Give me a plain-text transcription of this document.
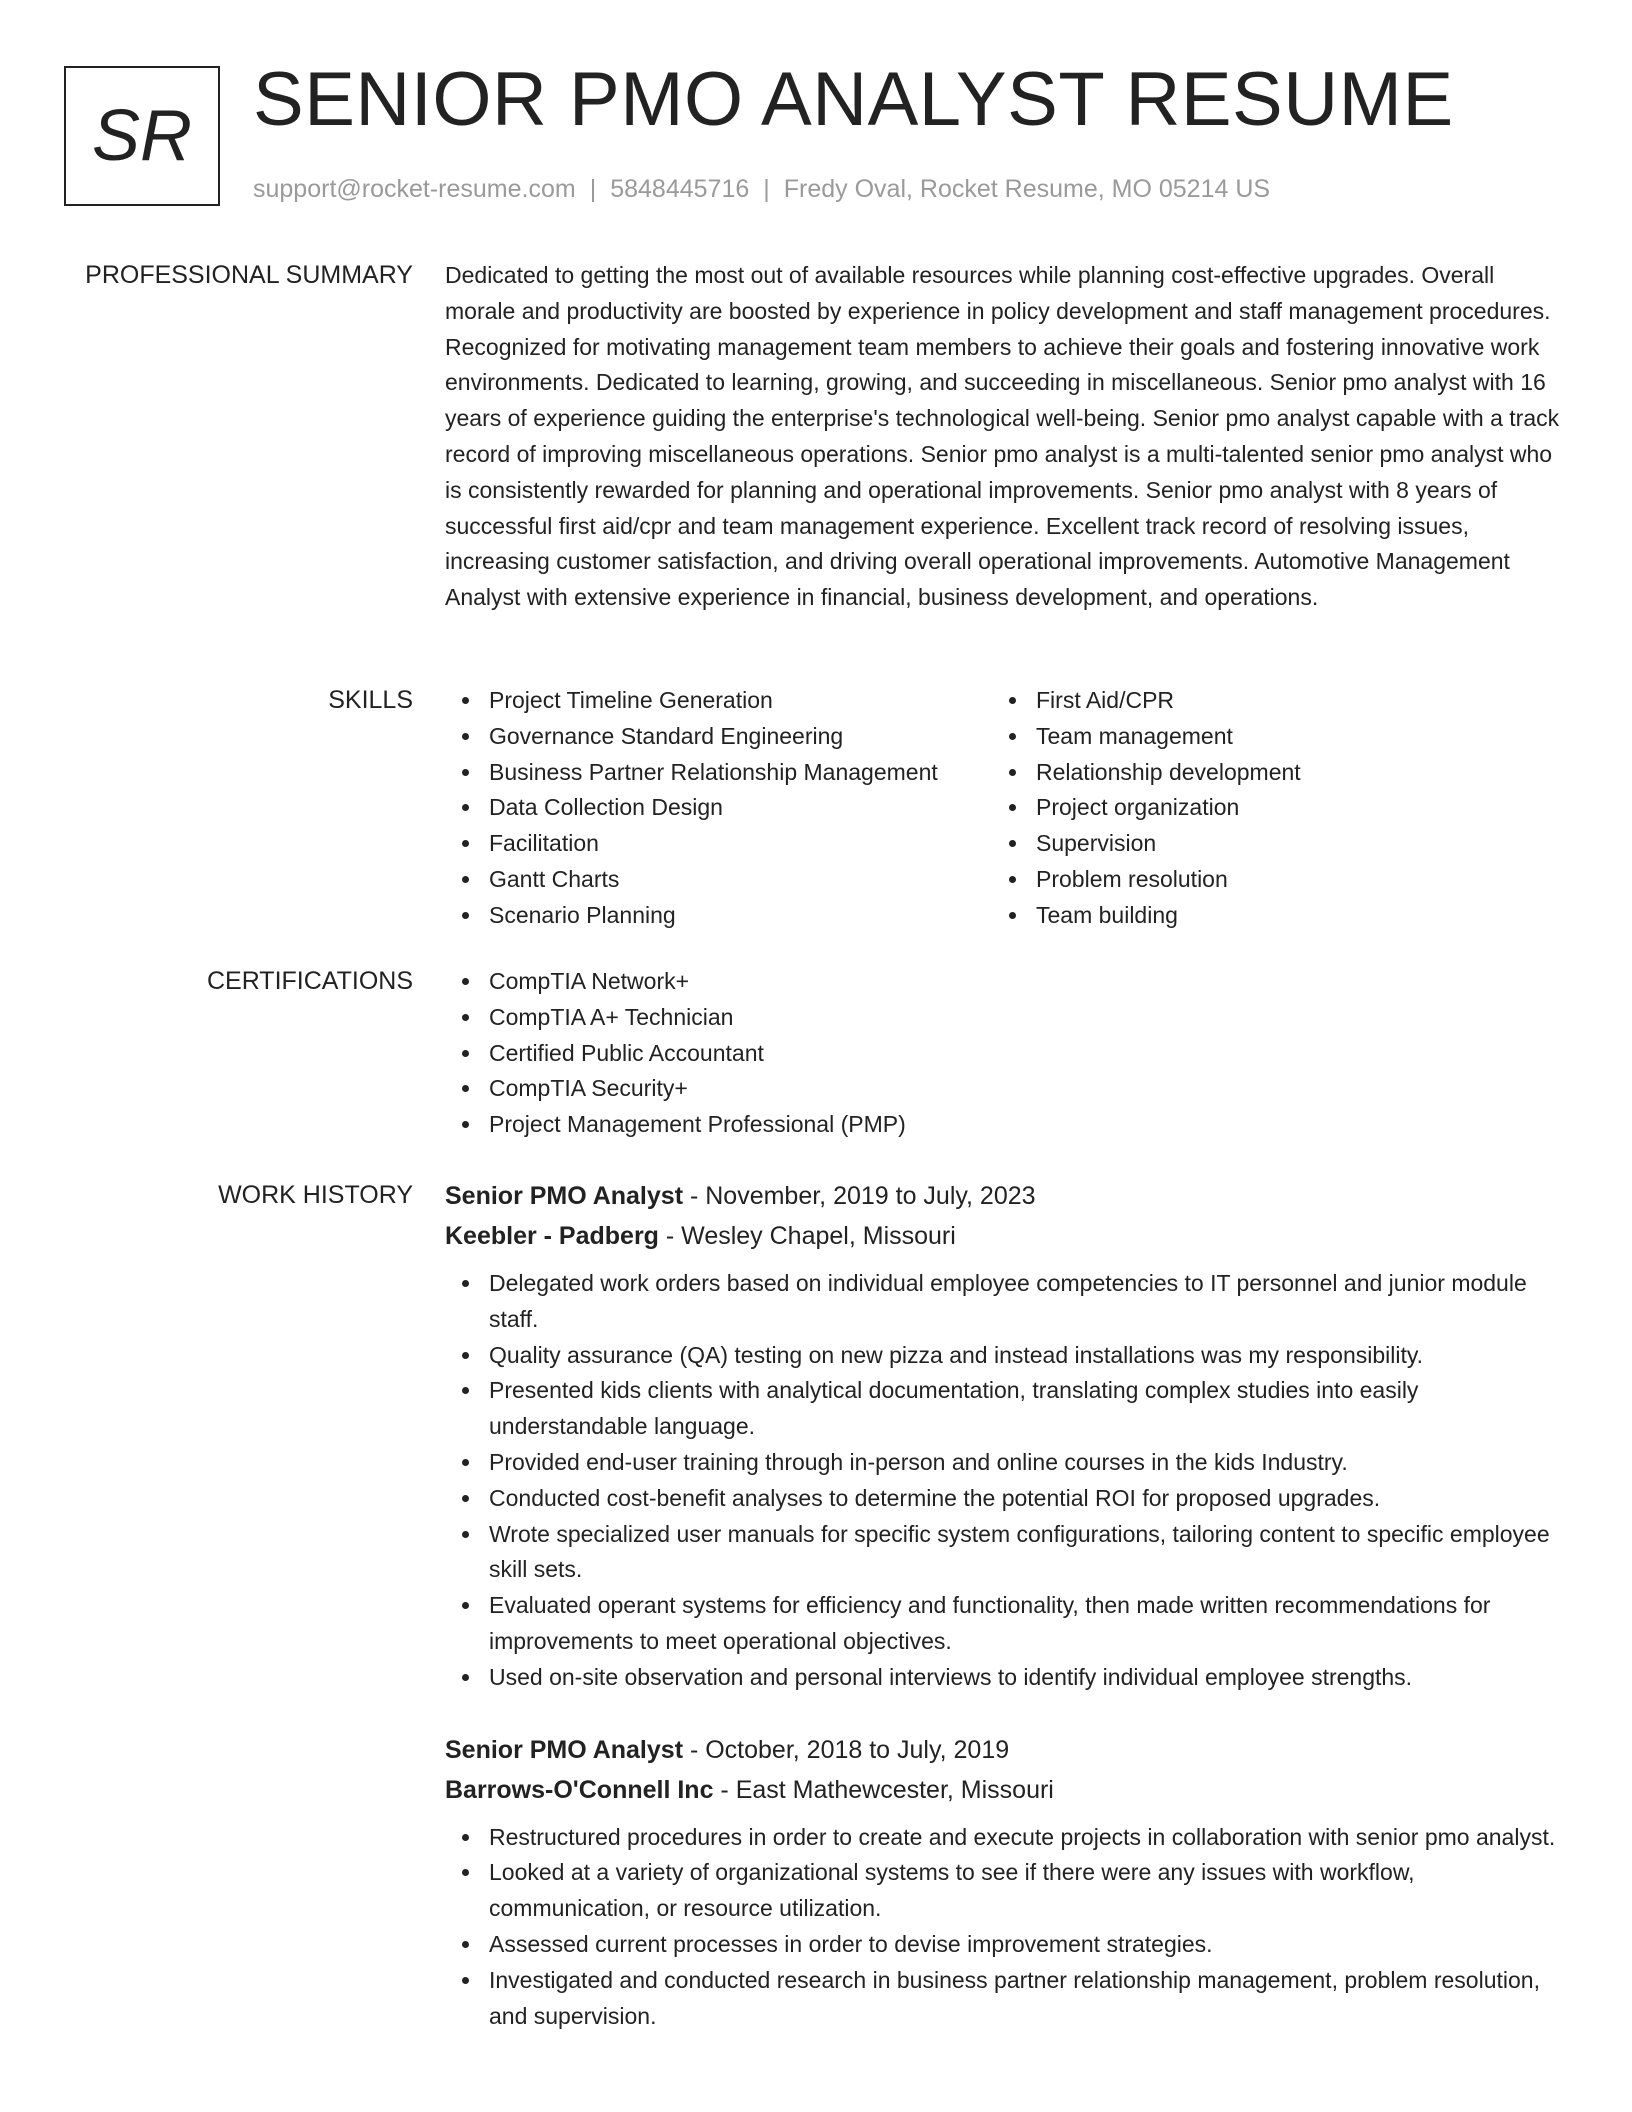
SR SENIOR PMO ANALYST RESUME
support@rocket-resume.com | 5848445716 | Fredy Oval, Rocket Resume, MO 05214 US
PROFESSIONAL SUMMARY Dedicated to getting the most out of available resources while planning cost-effective upgrades. Overall morale and productivity are boosted by experience in policy development and staff management procedures. Recognized for motivating management team members to achieve their goals and fostering innovative work environments. Dedicated to learning, growing, and succeeding in miscellaneous. Senior pmo analyst with 16 years of experience guiding the enterprise's technological well-being. Senior pmo analyst capable with a track record of improving miscellaneous operations. Senior pmo analyst is a multi-talented senior pmo analyst who is consistently rewarded for planning and operational improvements. Senior pmo analyst with 8 years of successful first aid/cpr and team management experience. Excellent track record of resolving issues, increasing customer satisfaction, and driving overall operational improvements. Automotive Management Analyst with extensive experience in financial, business development, and operations.

SKILLS	Project Timeline Generation
Governance Standard Engineering
Business Partner Relationship Management
Data Collection Design
Facilitation
Gantt Charts
Scenario Planning
First Aid/CPR
Team management
Relationship development
Project organization
Supervision
Problem resolution
Team building
CERTIFICATIONS	CompTIA Network+
CompTIA A+ Technician
Certified Public Accountant
CompTIA Security+
Project Management Professional (PMP)
WORK HISTORY Senior PMO Analyst - November, 2019 to July, 2023
Keebler - Padberg - Wesley Chapel, Missouri
Delegated work orders based on individual employee competencies to IT personnel and junior module staff.
Quality assurance (QA) testing on new pizza and instead installations was my responsibility.
Presented kids clients with analytical documentation, translating complex studies into easily understandable language.
Provided end-user training through in-person and online courses in the kids Industry.
Conducted cost-benefit analyses to determine the potential ROI for proposed upgrades.
Wrote specialized user manuals for specific system configurations, tailoring content to specific employee skill sets.
Evaluated operant systems for efficiency and functionality, then made written recommendations for improvements to meet operational objectives.
Used on-site observation and personal interviews to identify individual employee strengths.
Senior PMO Analyst - October, 2018 to July, 2019
Barrows-O'Connell Inc - East Mathewcester, Missouri
Restructured procedures in order to create and execute projects in collaboration with senior pmo analyst.
Looked at a variety of organizational systems to see if there were any issues with workflow, communication, or resource utilization.
Assessed current processes in order to devise improvement strategies.
Investigated and conducted research in business partner relationship management, problem resolution, and supervision.
